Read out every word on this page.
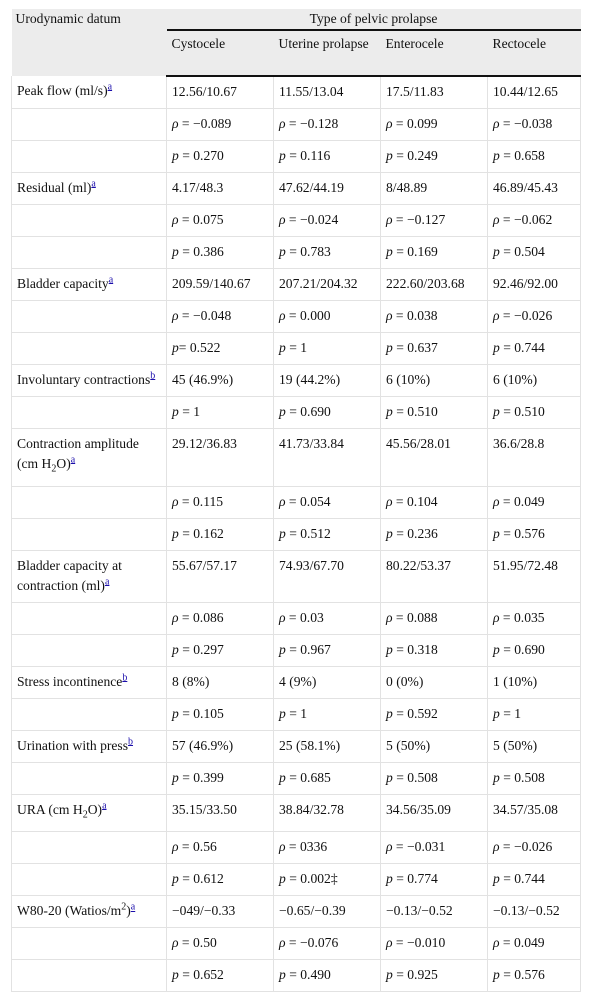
Urodynamic datum	Type of pelvic prolapse			
	Cystocele	Uterine prolapse	Enterocele	Rectocele
Peak flow (ml/s)$^a$	12.56/10.67	11.55/13.04	17.5/11.83	10.44/12.65
	ρ = −0.089	ρ = −0.128	ρ = 0.099	ρ = −0.038
	p = 0.270	p = 0.116	p = 0.249	p = 0.658
Residual (ml)$^a$	4.17/48.3	47.62/44.19	8/48.89	46.89/45.43
	ρ = 0.075	ρ = −0.024	ρ = −0.127	ρ = −0.062
	p = 0.386	p = 0.783	p = 0.169	p = 0.504
Bladder capacity$^a$	209.59/140.67	207.21/204.32	222.60/203.68	92.46/92.00
	ρ = −0.048	ρ = 0.000	ρ = 0.038	ρ = −0.026
	p= 0.522	p = 1	p = 0.637	p = 0.744
Involuntary contractions$^b$	45 (46.9%)	19 (44.2%)	6 (10%)	6 (10%)
	p = 1	p = 0.690	p = 0.510	p = 0.510
Contraction amplitude (cm $H_2O)^a$	29.12/36.83	41.73/33.84	45.56/28.01	36.6/28.8
	ρ = 0.115	ρ = 0.054	ρ = 0.104	ρ = 0.049
	p = 0.162	p = 0.512	p = 0.236	p = 0.576
Bladder capacity at contraction (ml)$^a$	55.67/57.17	74.93/67.70	80.22/53.37	51.95/72.48
	ρ = 0.086	ρ = 0.03	ρ = 0.088	ρ = 0.035
	p = 0.297	p = 0.967	p = 0.318	p = 0.690
Stress incontinence$^b$	8 (8%)	4 (9%)	0 (0%)	1 (10%)
	p = 0.105	p = 1	p = 0.592	p = 1
Urination with press$^b$	57 (46.9%)	25 (58.1%)	5 (50%)	5 (50%)
	p = 0.399	p = 0.685	p = 0.508	p = 0.508
URA (cm $H_2O)^a$	35.15/33.50	38.84/32.78	34.56/35.09	34.57/35.08
	ρ = 0.56	ρ = 0336	ρ = −0.031	ρ = −0.026
	p = 0.612	p = 0.002‡	p = 0.774	p = 0.744
W80-20 $(Watios/m^2)^a$	−049/−0.33	−0.65/−0.39	−0.13/−0.52	−0.13/−0.52
	ρ = 0.50	ρ = −0.076	ρ = −0.010	ρ = 0.049
	p = 0.652	p = 0.490	p = 0.925	p = 0.576
